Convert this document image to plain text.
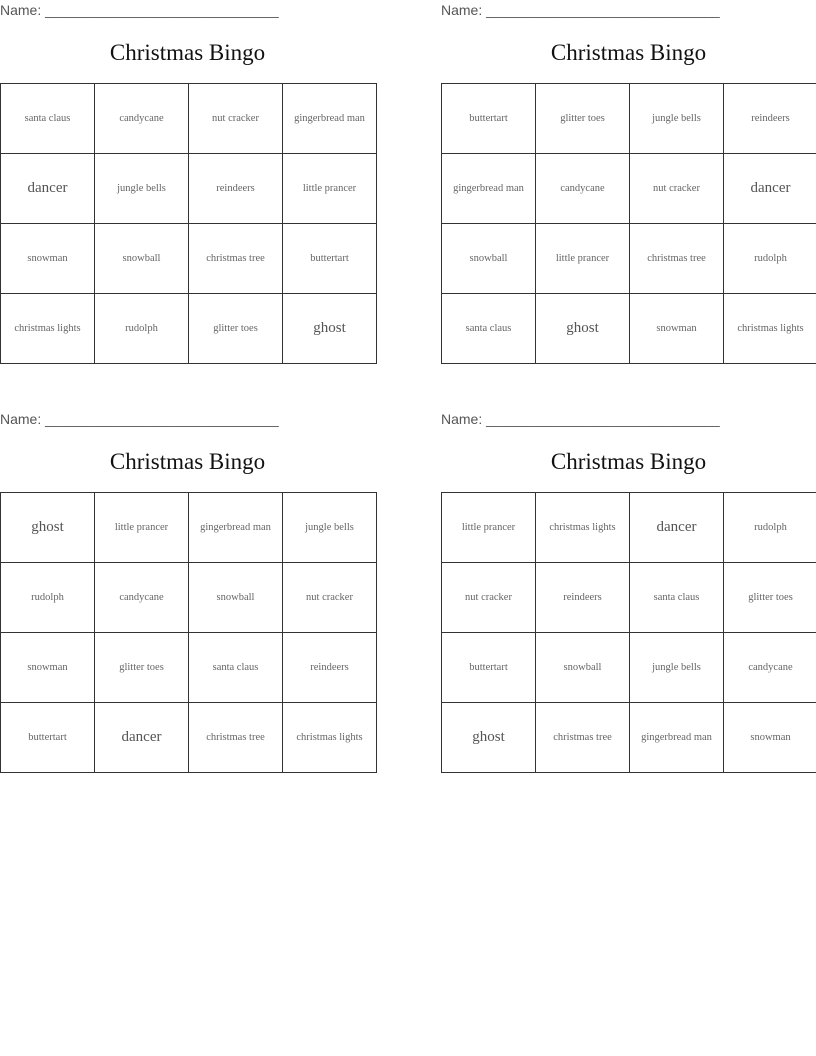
Name: ______________________________
Christmas Bingo
santa claus	candycane	nut cracker	gingerbread man
dancer	jungle bells	reindeers	little prancer
snowman	snowball	christmas tree	buttertart
christmas lights	rudolph	glitter toes	ghost
Name: ______________________________
Christmas Bingo
buttertart	glitter toes	jungle bells	reindeers
gingerbread man	candycane	nut cracker	dancer
snowball	little prancer	christmas tree	rudolph
santa claus	ghost	snowman	christmas lights
Name: ______________________________
Christmas Bingo
ghost	little prancer	gingerbread man	jungle bells
rudolph	candycane	snowball	nut cracker
snowman	glitter toes	santa claus	reindeers
buttertart	dancer	christmas tree	christmas lights
Name: ______________________________
Christmas Bingo
little prancer	christmas lights	dancer	rudolph
nut cracker	reindeers	santa claus	glitter toes
buttertart	snowball	jungle bells	candycane
ghost	christmas tree	gingerbread man	snowman
